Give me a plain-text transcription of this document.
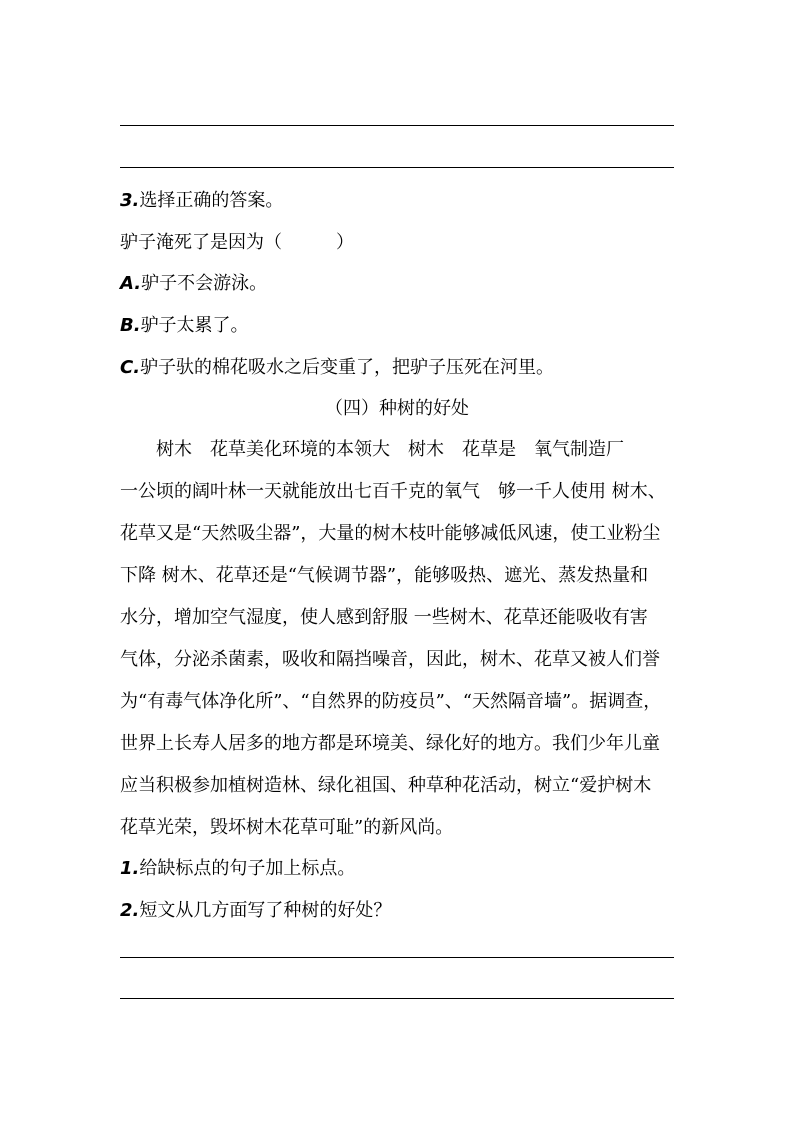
3.选择正确的答案。
驴子淹死了是因为（　　　）
A.驴子不会游泳。
B.驴子太累了。
C.驴子驮的棉花吸水之后变重了，把驴子压死在河里。
（四）种树的好处
　　树木　花草美化环境的本领大　树木　花草是　氧气制造厂
一公顷的阔叶林一天就能放出七百千克的氧气　够一千人使用 树木、
花草又是“天然吸尘器”，大量的树木枝叶能够减低风速，使工业粉尘
下降 树木、花草还是“气候调节器”，能够吸热、遮光、蒸发热量和
水分，增加空气湿度，使人感到舒服 一些树木、花草还能吸收有害
气体，分泌杀菌素，吸收和隔挡噪音，因此，树木、花草又被人们誉
为“有毒气体净化所”、“自然界的防疫员”、“天然隔音墙”。据调查，
世界上长寿人居多的地方都是环境美、绿化好的地方。我们少年儿童
应当积极参加植树造林、绿化祖国、种草种花活动，树立“爱护树木
花草光荣，毁坏树木花草可耻”的新风尚。
1.给缺标点的句子加上标点。
2.短文从几方面写了种树的好处？
